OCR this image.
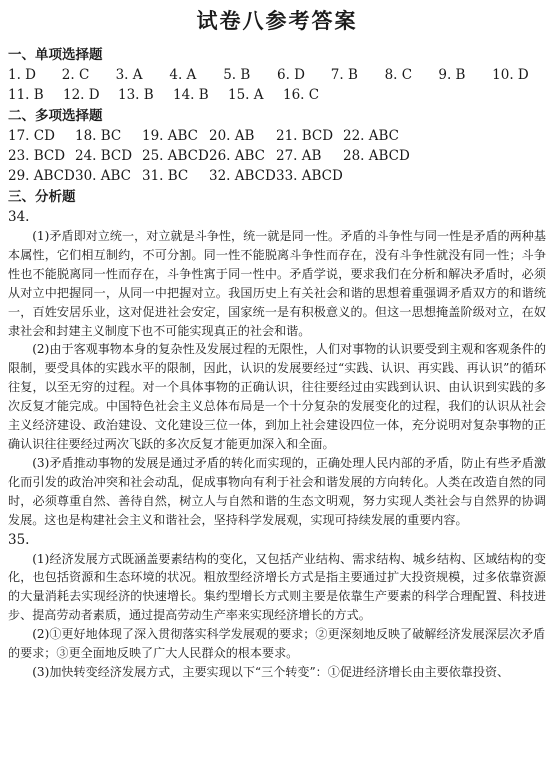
试卷八参考答案
一、单项选择题
1. D	2. C	3. A	4. A	5. B	6. D	7. B	8. C	9. B	10. D
11. B	12. D	13. B	14. B	15. A	16. C
二、多项选择题
17. CD	18. BC	19. ABC 20. AB	21. BCD 22. ABC
23. BCD 24. BCD 25. ABCD 26. ABC 27. AB	28. ABCD
29. ABCD 30. ABC 31. BC	32. ABCD 33. ABCD
三、分析题
34.

(1)矛盾即对立统一，对立就是斗争性，统一就是同一性。矛盾的斗争性与同一性是矛盾的两种基本属性，它们相互制约，不可分割。同一性不能脱离斗争性而存在，没有斗争性就没有同一性；斗争性也不能脱离同一性而存在，斗争性寓于同一性中。矛盾学说，要求我们在分析和解决矛盾时，必须从对立中把握同一，从同一中把握对立。我国历史上有关社会和谐的思想着重强调矛盾双方的和谐统一，百姓安居乐业，这对促进社会安定，国家统一是有积极意义的。但这一思想掩盖阶级对立，在奴隶社会和封建主义制度下也不可能实现真正的社会和谐。

(2)由于客观事物本身的复杂性及发展过程的无限性，人们对事物的认识要受到主观和客观条件的限制，要受具体的实践水平的限制，因此，认识的发展要经过“实践、认识、再实践、再认识”的循环往复，以至无穷的过程。对一个具体事物的正确认识，往往要经过由实践到认识、由认识到实践的多次反复才能完成。中国特色社会主义总体布局是一个十分复杂的发展变化的过程，我们的认识从社会主义经济建设、政治建设、文化建设三位一体，到加上社会建设四位一体，充分说明对复杂事物的正确认识往往要经过两次飞跃的多次反复才能更加深入和全面。

(3)矛盾推动事物的发展是通过矛盾的转化而实现的，正确处理人民内部的矛盾，防止有些矛盾激化而引发的政治冲突和社会动乱，促成事物向有利于社会和谐发展的方向转化。人类在改造自然的同时，必须尊重自然、善待自然，树立人与自然和谐的生态文明观，努力实现人类社会与自然界的协调发展。这也是构建社会主义和谐社会，坚持科学发展观，实现可持续发展的重要内容。

35.

(1)经济发展方式既涵盖要素结构的变化，又包括产业结构、需求结构、城乡结构、区域结构的变化，也包括资源和生态环境的状况。粗放型经济增长方式是指主要通过扩大投资规模，过多依靠资源的大量消耗去实现经济的快速增长。集约型增长方式则主要是依靠生产要素的科学合理配置、科技进步、提高劳动者素质，通过提高劳动生产率来实现经济增长的方式。

(2)①更好地体现了深入贯彻落实科学发展观的要求；②更深刻地反映了破解经济发展深层次矛盾的要求；③更全面地反映了广大人民群众的根本要求。

(3)加快转变经济发展方式，主要实现以下“三个转变”：①促进经济增长由主要依靠投资、
